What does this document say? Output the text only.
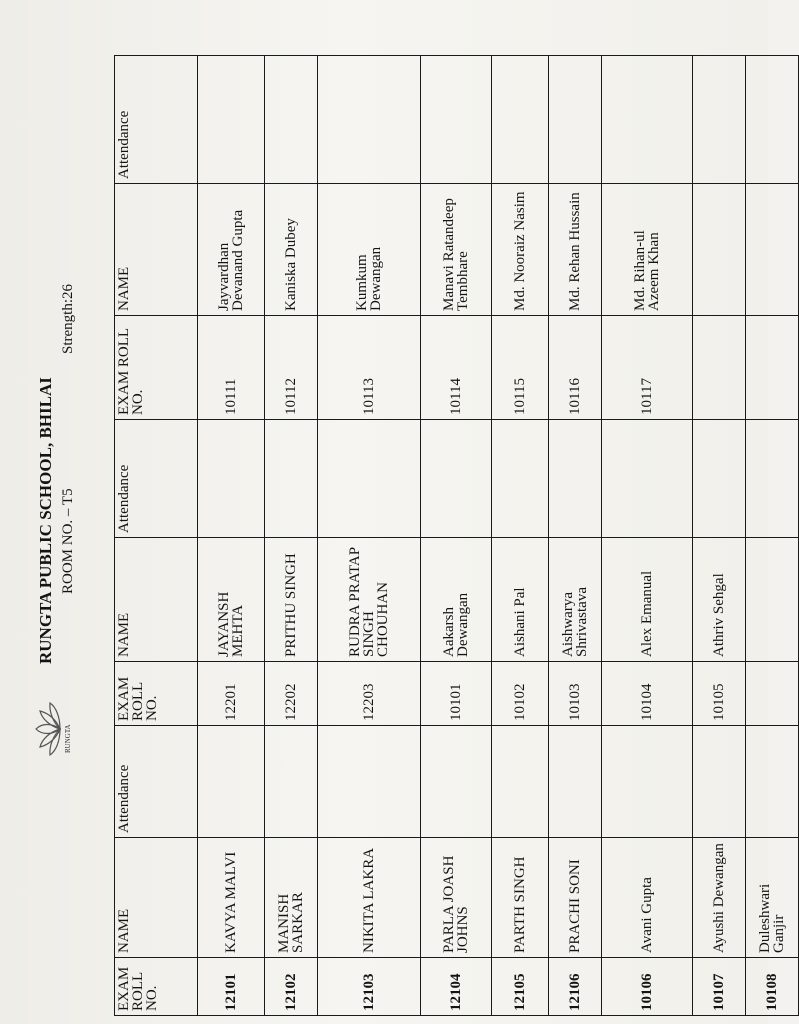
RUNGTA
RUNGTA PUBLIC SCHOOL, BHILAI ROOM NO. – T5
Strength:26
EXAM ROLL NO.	NAME	Attendance	EXAM ROLL NO.	NAME	Attendance	EXAM ROLL NO.	NAME	Attendance
12101	KAVYA MALVI		12201	JAYANSH MEHTA		10111	Jayvardhan Devanand Gupta	
12102	MANISH SARKAR		12202	PRITHU SINGH		10112	Kaniska Dubey	
12103	NIKITA LAKRA		12203	RUDRA PRATAP SINGH CHOUHAN		10113	Kumkum Dewangan	
12104	PARLA JOASH JOHNS		10101	Aakarsh Dewangan		10114	Manavi Ratandeep Tembhare	
12105	PARTH SINGH		10102	Aishani Pal		10115	Md. Nooraiz Nasim	
12106	PRACHI SONI		10103	Aishwarya Shrivastava		10116	Md. Rehan Hussain	
10106	Avani Gupta		10104	Alex Emanual		10117	Md. Rihan-ul Azeem Khan	
10107	Ayushi Dewangan		10105	Athriv Sehgal				
10108	Duleshwari Ganjir							
